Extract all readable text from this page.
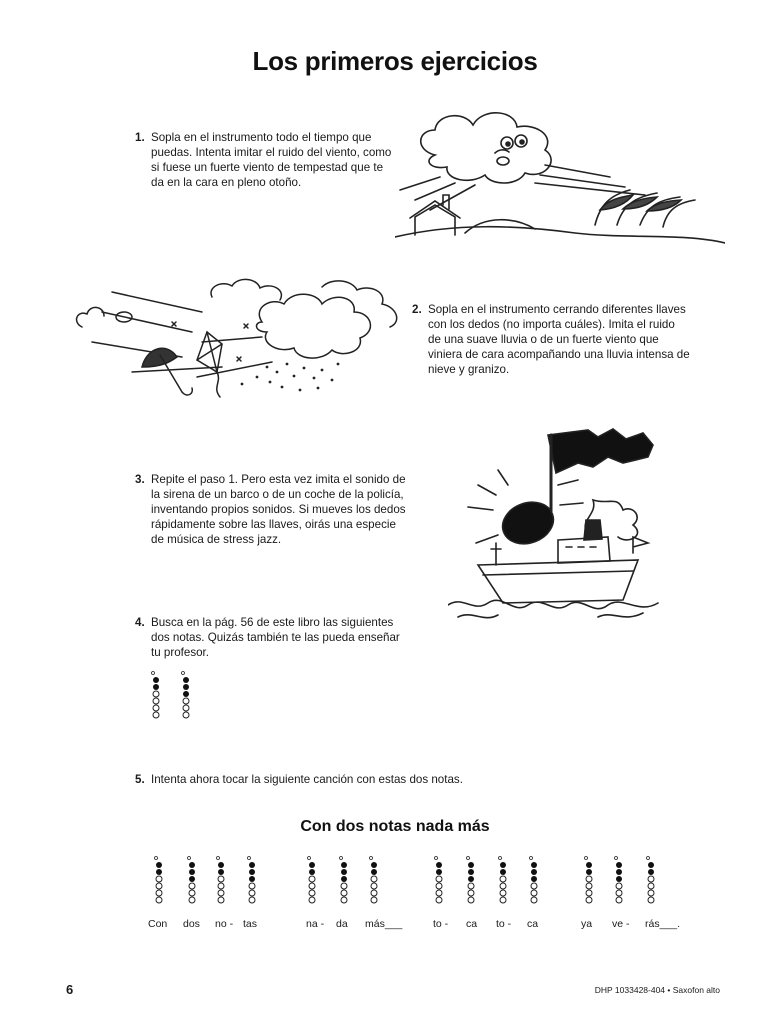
Los primeros ejercicios
1. Sopla en el instrumento todo el tiempo que
puedas. Intenta imitar el ruido del viento, como
si fuese un fuerte viento de tempestad que te
da en la cara en pleno otoño.
2. Sopla en el instrumento cerrando diferentes llaves
con los dedos (no importa cuáles). Imita el ruido
de una suave lluvia o de un fuerte viento que
viniera de cara acompañando una lluvia intensa de
nieve y granizo.
3. Repite el paso 1. Pero esta vez imita el sonido de
la sirena de un barco o de un coche de la policía,
inventando propios sonidos. Si mueves los dedos
rápidamente sobre las llaves, oirás una especie
de música de stress jazz.
4. Busca en la pág. 56 de este libro las siguientes
dos notas. Quizás también te las pueda enseñar
tu profesor.
5. Intenta ahora tocar la siguiente canción con estas dos notas.
Con dos notas nada más
Con dos no - tas	na - da más___	to - ca to - ca	ya ve - rás___.
6	DHP 1033428-404 • Saxofon alto
